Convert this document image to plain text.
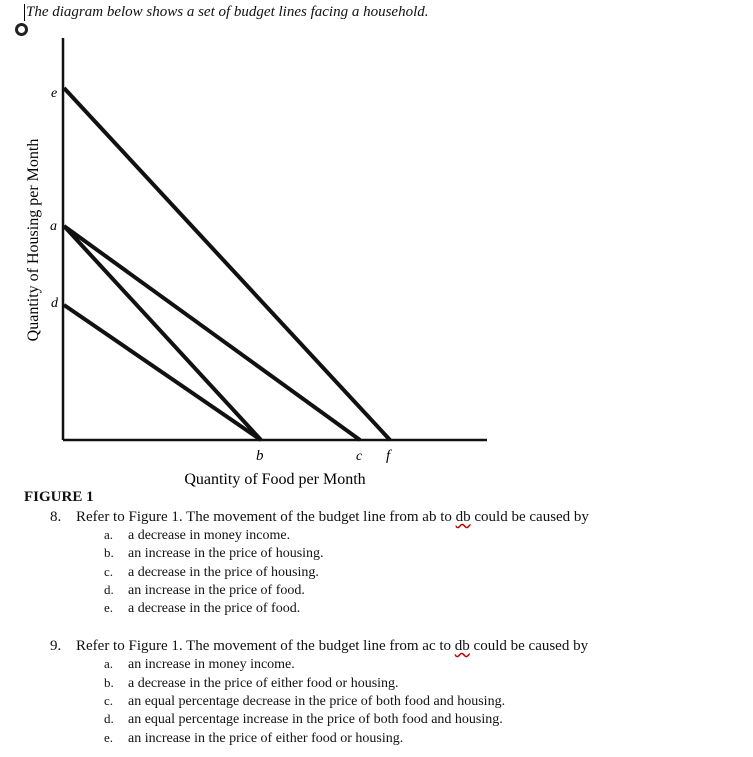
The diagram below shows a set of budget lines facing a household.
e
a
d
b	c f
Quantity of Food per Month
Quantity of Housing per Month
FIGURE 1
8. Refer to Figure 1. The movement of the budget line from ab to db could be caused by
a. a decrease in money income.
b. an increase in the price of housing.
c. a decrease in the price of housing.
d. an increase in the price of food.
e. a decrease in the price of food.
9. Refer to Figure 1. The movement of the budget line from ac to db could be caused by
a. an increase in money income.
b. a decrease in the price of either food or housing.
c. an equal percentage decrease in the price of both food and housing.
d. an equal percentage increase in the price of both food and housing.
e. an increase in the price of either food or housing.
